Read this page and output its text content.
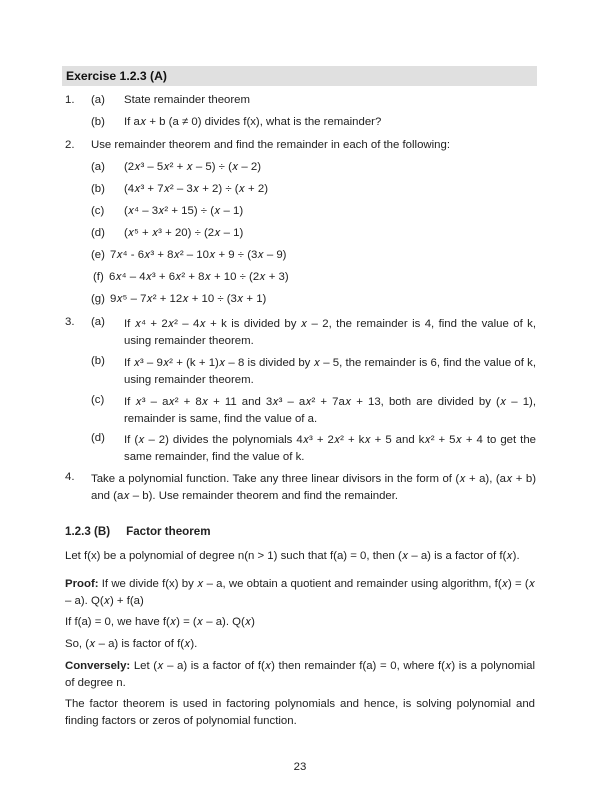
Exercise 1.2.3 (A)
1. (a) State remainder theorem
(b) If a𝑥 + b (a ≠ 0) divides f(x), what is the remainder?
2. Use remainder theorem and find the remainder in each of the following:
(a) (2𝑥³ – 5𝑥² + 𝑥 – 5) ÷ (𝑥 – 2)
(b) (4𝑥³ + 7𝑥² – 3𝑥 + 2) ÷ (𝑥 + 2)
(c) (𝑥⁴ – 3𝑥² + 15) ÷ (𝑥 – 1)
(d) (𝑥⁵ + 𝑥³ + 20) ÷ (2𝑥 – 1)
(e) 7𝑥⁴ - 6𝑥³ + 8𝑥² – 10𝑥 + 9 ÷ (3𝑥 – 9)
(f) 6𝑥⁴ – 4𝑥³ + 6𝑥² + 8𝑥 + 10 ÷ (2𝑥 + 3)
(g) 9𝑥⁵ – 7𝑥² + 12𝑥 + 10 ÷ (3𝑥 + 1)
3. (a) If 𝑥⁴ + 2𝑥² – 4𝑥 + k is divided by 𝑥 – 2, the remainder is 4, find the value of k, using remainder theorem.
(b) If 𝑥³ – 9𝑥² + (k + 1)𝑥 – 8 is divided by 𝑥 – 5, the remainder is 6, find the value of k, using remainder theorem.
(c) If 𝑥³ – a𝑥² + 8𝑥 + 11 and 3𝑥³ – a𝑥² + 7a𝑥 + 13, both are divided by (𝑥 – 1), remainder is same, find the value of a.
(d) If (𝑥 – 2) divides the polynomials 4𝑥³ + 2𝑥² + k𝑥 + 5 and k𝑥² + 5𝑥 + 4 to get the same remainder, find the value of k.
4. Take a polynomial function. Take any three linear divisors in the form of (𝑥 + a), (a𝑥 + b) and (a𝑥 – b). Use remainder theorem and find the remainder.
1.2.3 (B) Factor theorem
Let f(x) be a polynomial of degree n(n > 1) such that f(a) = 0, then (𝑥 – a) is a factor of f(𝑥).
Proof: If we divide f(x) by 𝑥 – a, we obtain a quotient and remainder using algorithm, f(𝑥) = (𝑥 – a). Q(𝑥) + f(a)
If f(a) = 0, we have f(𝑥) = (𝑥 – a). Q(𝑥)
So, (𝑥 – a) is factor of f(𝑥).
Conversely: Let (𝑥 – a) is a factor of f(𝑥) then remainder f(a) = 0, where f(𝑥) is a polynomial of degree n.
The factor theorem is used in factoring polynomials and hence, is solving polynomial and finding factors or zeros of polynomial function.
23
